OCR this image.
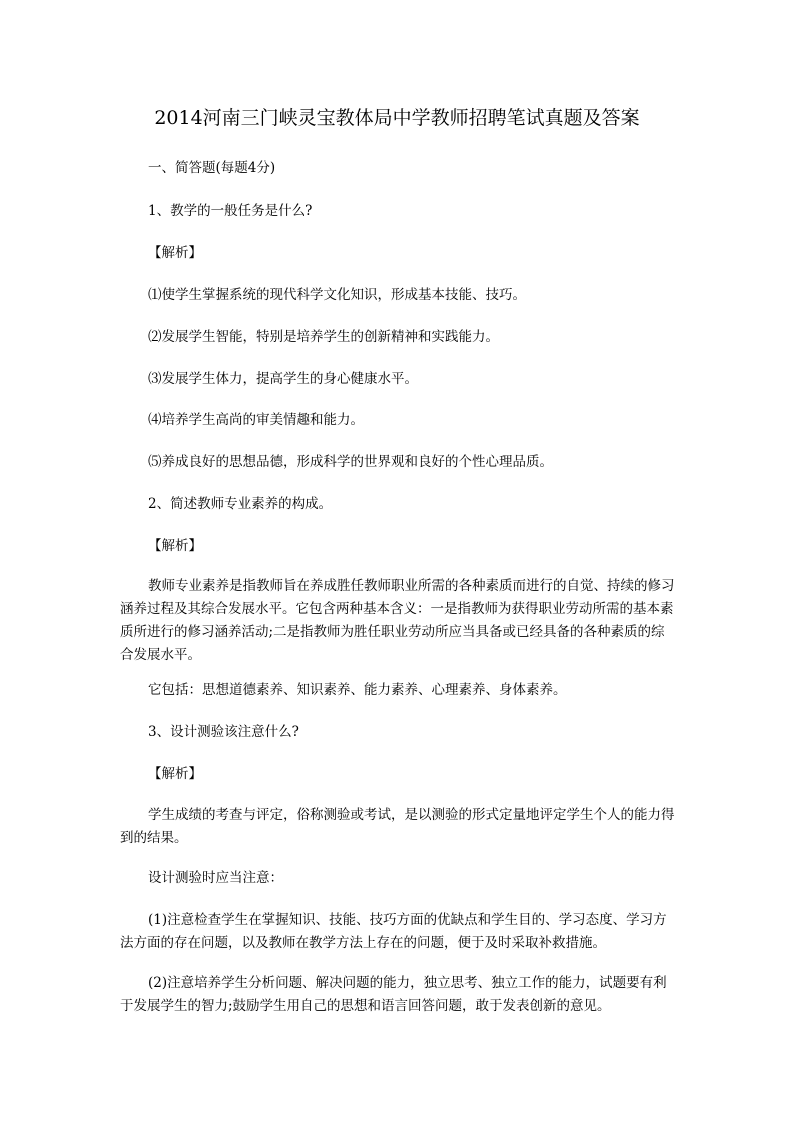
2014河南三门峡灵宝教体局中学教师招聘笔试真题及答案

一、简答题(每题4分)

1、教学的一般任务是什么?

【解析】

⑴使学生掌握系统的现代科学文化知识，形成基本技能、技巧。

⑵发展学生智能，特别是培养学生的创新精神和实践能力。

⑶发展学生体力，提高学生的身心健康水平。

⑷培养学生高尚的审美情趣和能力。

⑸养成良好的思想品德，形成科学的世界观和良好的个性心理品质。

2、简述教师专业素养的构成。

【解析】

教师专业素养是指教师旨在养成胜任教师职业所需的各种素质而进行的自觉、持续的修习涵养过程及其综合发展水平。它包含两种基本含义：一是指教师为获得职业劳动所需的基本素质所进行的修习涵养活动;二是指教师为胜任职业劳动所应当具备或已经具备的各种素质的综合发展水平。

它包括：思想道德素养、知识素养、能力素养、心理素养、身体素养。

3、设计测验该注意什么?

【解析】

学生成绩的考查与评定，俗称测验或考试，是以测验的形式定量地评定学生个人的能力得到的结果。

设计测验时应当注意：

(1)注意检查学生在掌握知识、技能、技巧方面的优缺点和学生目的、学习态度、学习方法方面的存在问题，以及教师在教学方法上存在的问题，便于及时采取补救措施。

(2)注意培养学生分析问题、解决问题的能力，独立思考、独立工作的能力，试题要有利于发展学生的智力;鼓励学生用自己的思想和语言回答问题，敢于发表创新的意见。
